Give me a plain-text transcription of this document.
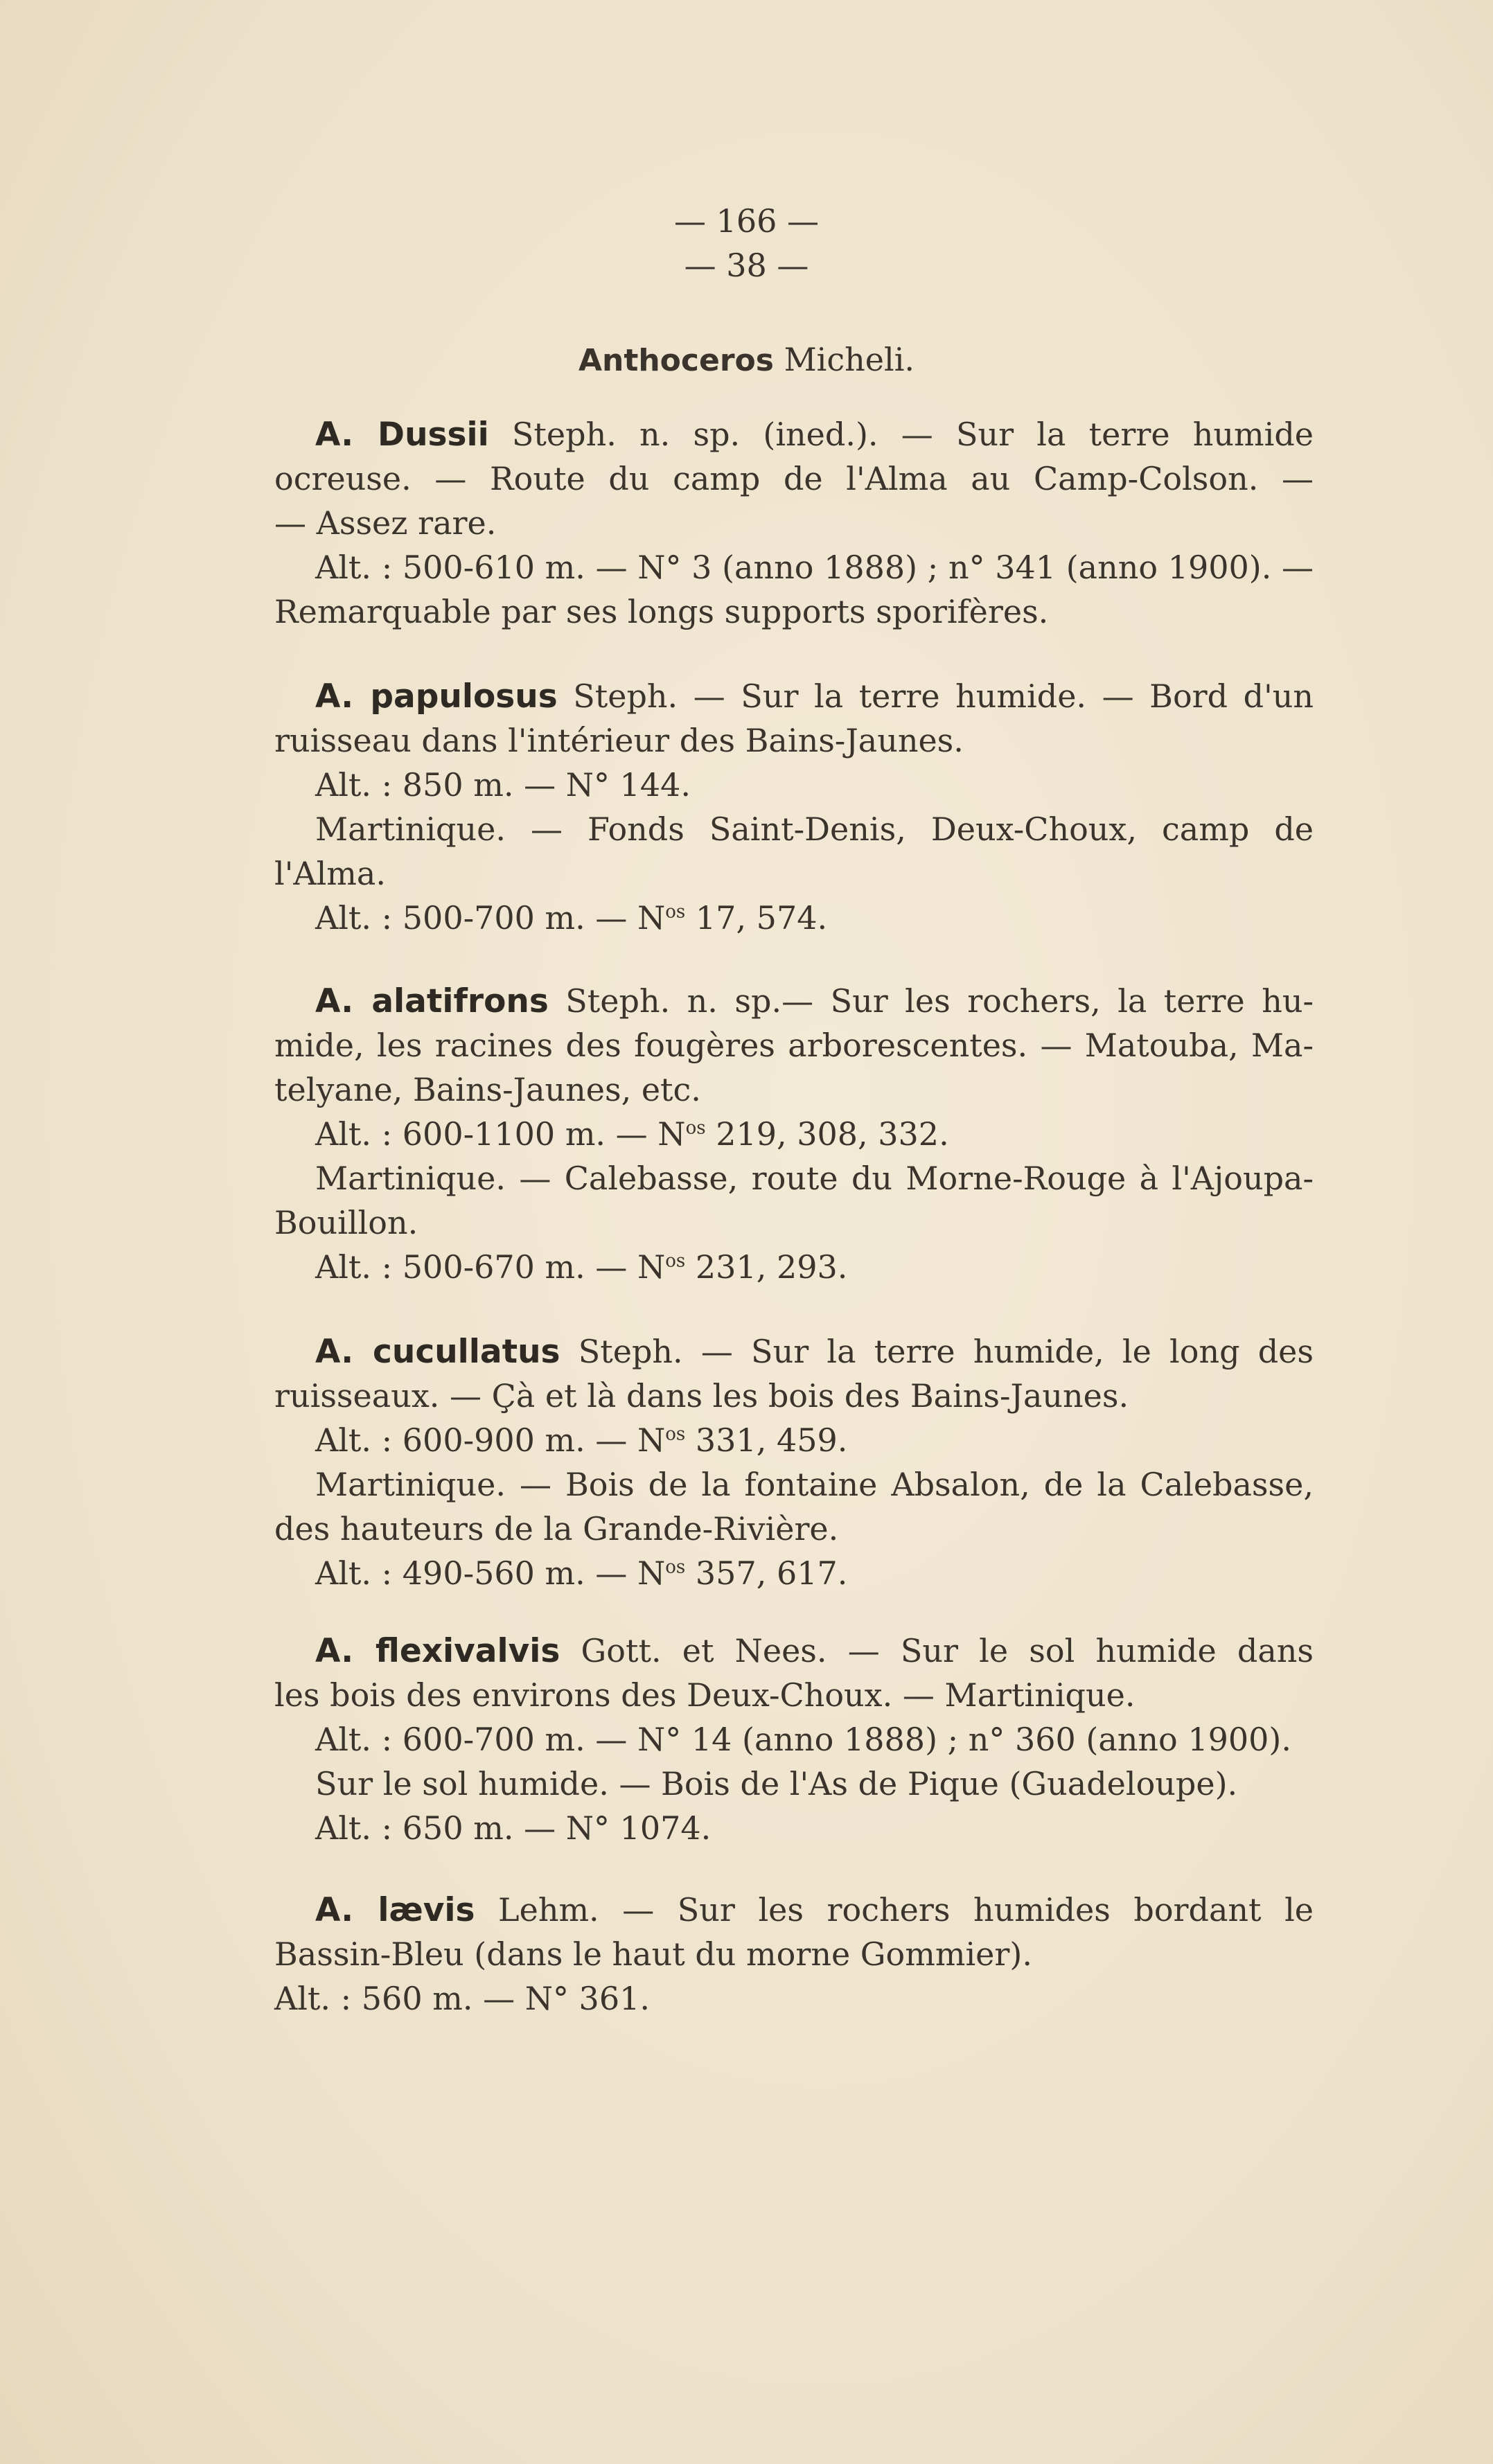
— 166 —
— 38 —
Anthoceros Micheli.
A. Dussii Steph. n. sp. (ined.). — Sur la terre humide
ocreuse. — Route du camp de l'Alma au Camp-Colson. —
— Assez rare.
Alt. : 500-610 m. — N° 3 (anno 1888) ; n° 341 (anno 1900). —
Remarquable par ses longs supports sporifères.
A. papulosus Steph. — Sur la terre humide. — Bord d'un
ruisseau dans l'intérieur des Bains-Jaunes.
Alt. : 850 m. — N° 144.
Martinique. — Fonds Saint-Denis, Deux-Choux, camp de
l'Alma.
Alt. : 500-700 m. — $N^{os}$ 17, 574.
A. alatifrons Steph. n. sp.— Sur les rochers, la terre hu-
mide, les racines des fougères arborescentes. — Matouba, Ma-
telyane, Bains-Jaunes, etc.
Alt. : 600-1100 m. — $N^{os}$ 219, 308, 332.
Martinique. — Calebasse, route du Morne-Rouge à l'Ajoupa-
Bouillon.
Alt. : 500-670 m. — $N^{os}$ 231, 293.
A. cucullatus Steph. — Sur la terre humide, le long des
ruisseaux. — Çà et là dans les bois des Bains-Jaunes.
Alt. : 600-900 m. — $N^{os}$ 331, 459.
Martinique. — Bois de la fontaine Absalon, de la Calebasse,
des hauteurs de la Grande-Rivière.
Alt. : 490-560 m. — $N^{os}$ 357, 617.
A. flexivalvis Gott. et Nees. — Sur le sol humide dans
les bois des environs des Deux-Choux. — Martinique.
Alt. : 600-700 m. — N° 14 (anno 1888) ; n° 360 (anno 1900).
Sur le sol humide. — Bois de l'As de Pique (Guadeloupe).
Alt. : 650 m. — N° 1074.
A. lævis Lehm. — Sur les rochers humides bordant le
Bassin-Bleu (dans le haut du morne Gommier).
Alt. : 560 m. — N° 361.
